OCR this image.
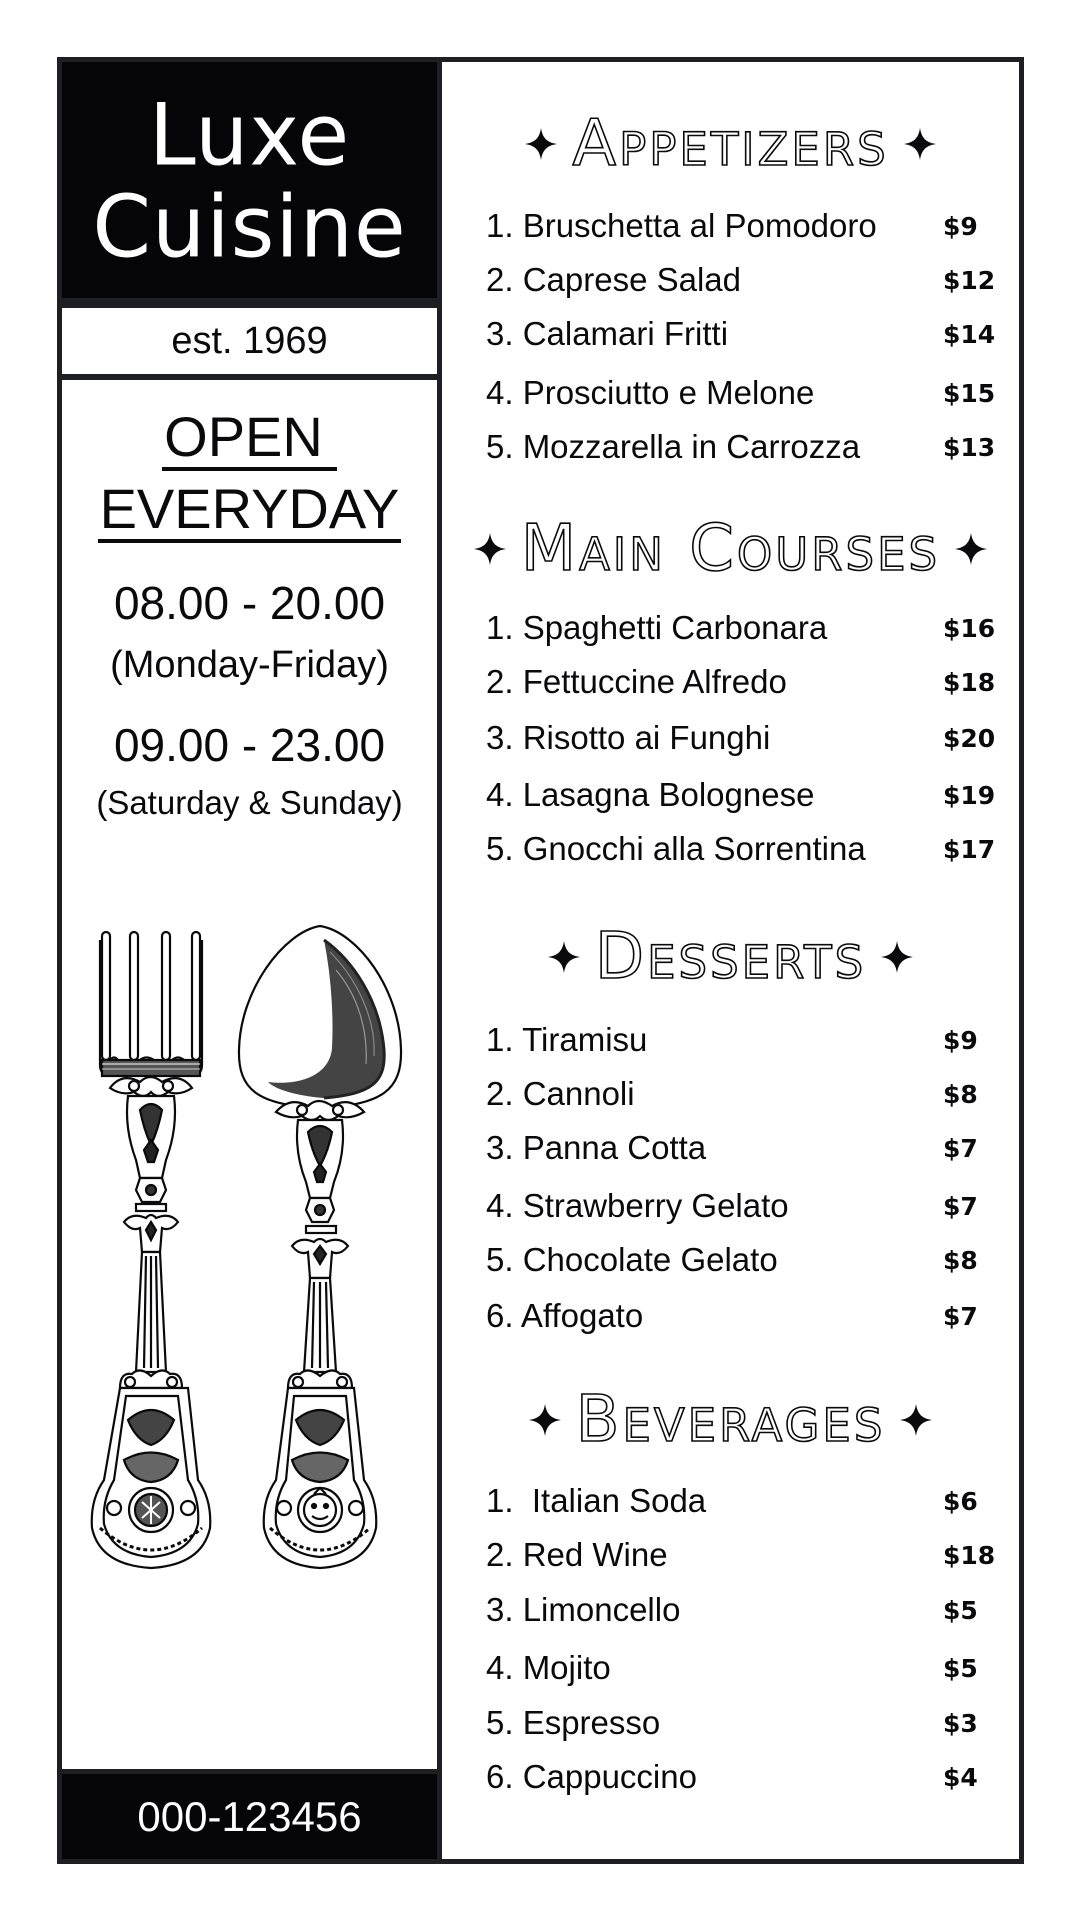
Luxe
Cuisine
est. 1969
OPEN
EVERYDAY
08.00 - 20.00
(Monday-Friday)
09.00 - 23.00
(Saturday & Sunday)
000-123456
Appetizers
1. Bruschetta al Pomodoro	$9
2. Caprese Salad	$12
3. Calamari Fritti	$14
4. Prosciutto e Melone	$15
5. Mozzarella in Carrozza	$13
Main Courses
1. Spaghetti Carbonara	$16
2. Fettuccine Alfredo	$18
3. Risotto ai Funghi	$20
4. Lasagna Bolognese	$19
5. Gnocchi alla Sorrentina	$17
Desserts
1. Tiramisu	$9
2. Cannoli	$8
3. Panna Cotta	$7
4. Strawberry Gelato	$7
5. Chocolate Gelato	$8
6. Affogato	$7
Beverages
1.  Italian Soda	$6
2. Red Wine	$18
3. Limoncello	$5
4. Mojito	$5
5. Espresso	$3
6. Cappuccino	$4
